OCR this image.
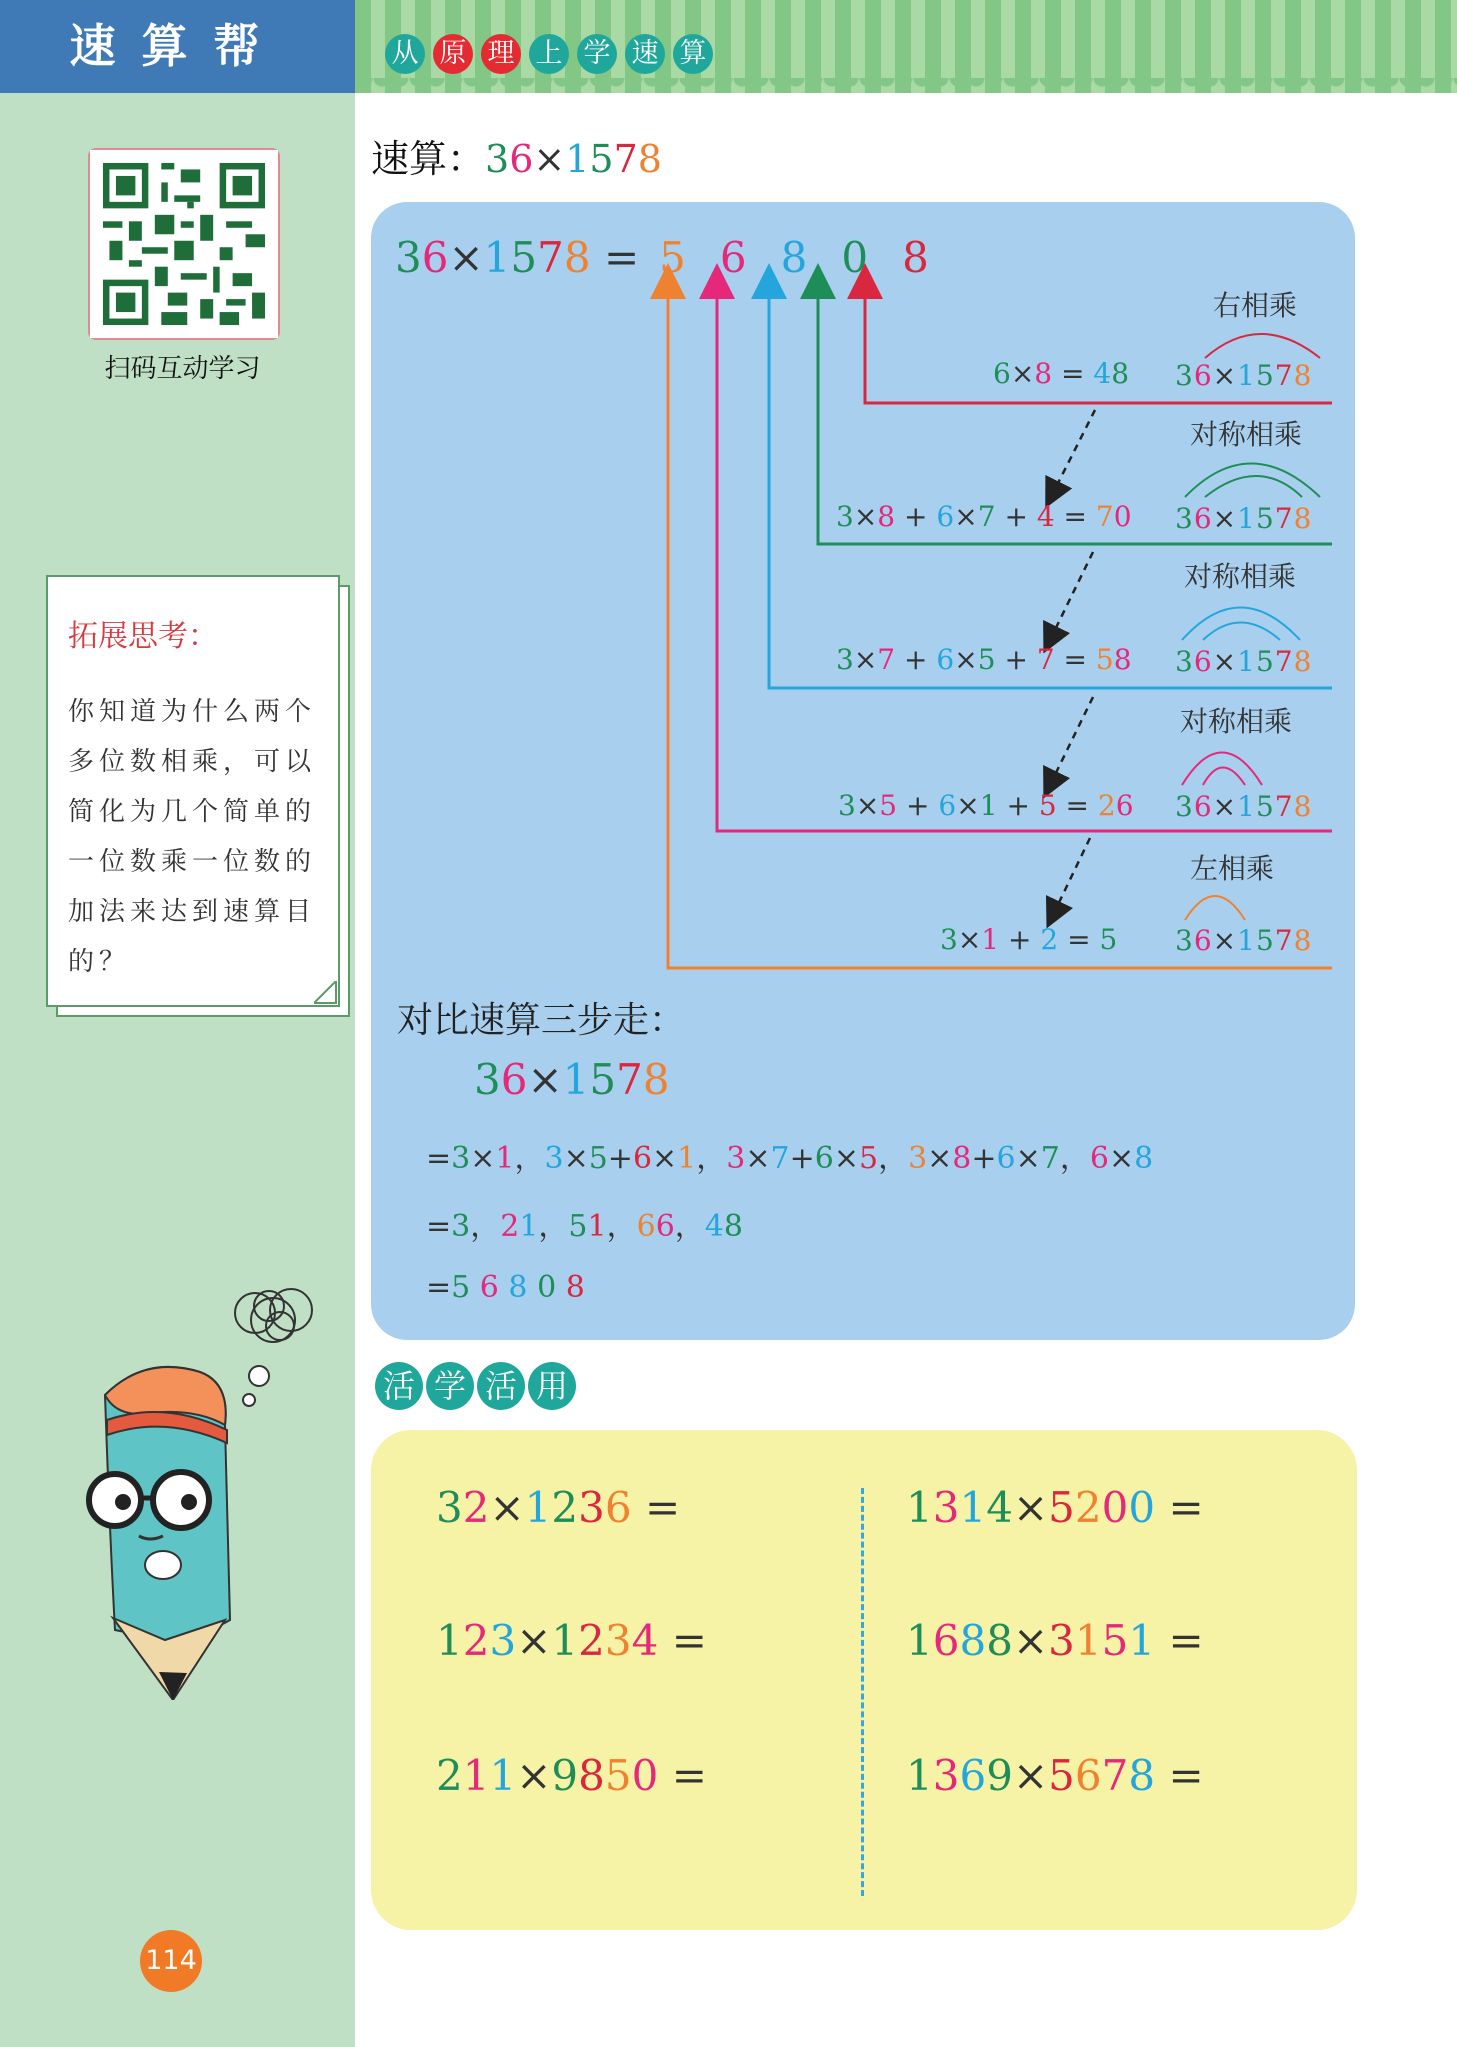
速算帮
扫码互动学习
拓展思考：
你知道为什么两个多位数相乘，可以简化为几个简单的一位数乘一位数的加法来达到速算目的？
114
从 原 理 上 学 速 算
速算：36×1578
36×1578 = 5 6 8 0 8
右相乘
对称相乘
对称相乘
对称相乘
左相乘
6×8 = 48
3×8 + 6×7 + 4 = 70
3×7 + 6×5 + 7 = 58
3×5 + 6×1 + 5 = 26
3×1 + 2 = 5
36×1578
36×1578
36×1578
36×1578
36×1578
对比速算三步走：
36×1578
=3×1，3×5+6×1，3×7+6×5，3×8+6×7，6×8
=3，21，51，66，48
=5 6 8 0 8
活 学 活 用
32×1236 =	1314×5200 =
123×1234 =	1688×3151 =
211×9850 =	1369×5678 =
